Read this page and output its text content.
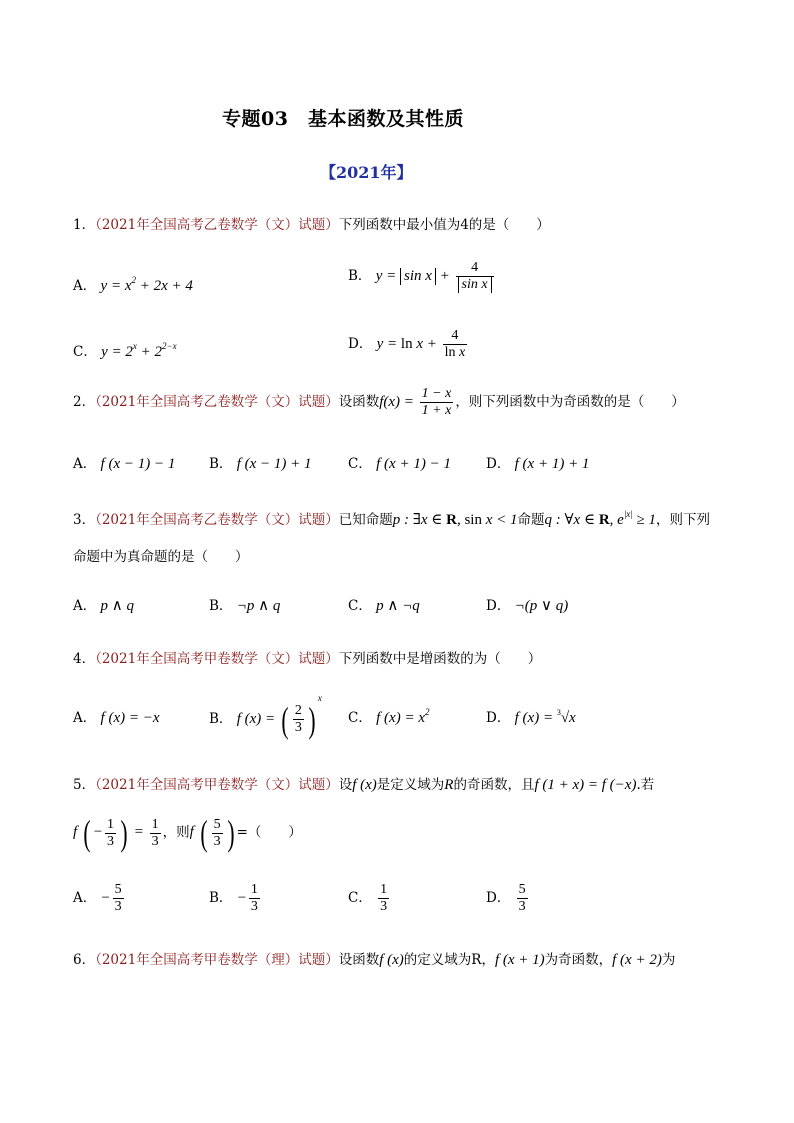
专题03　基本函数及其性质
【2021年】
1．（2021年全国高考乙卷数学（文）试题）下列函数中最小值为4的是（　　）
A． $y = x^2 + 2x + 4$
B． $y = \sin x + \frac{4}{\text{sin x}}$
C． $y = 2^x + 2^{2-x}$	D． $y = \ln x + \frac{4}{\text{ln x}}$
2．（2021年全国高考乙卷数学（文）试题）设函数$f(x) = \frac{1 - x}{1 + x}$ ，则下列函数中为奇函数的是（　　）
A． f (x − 1) − 1 B． f (x − 1) + 1	C． f (x + 1) − 1	D． f (x + 1) + 1
3．（2021年全国高考乙卷数学（文）试题）已知命题p : ∃x ∈ R, sin x < 1命题q : ∀x ∈ R, $e^{|x|} \ge 1$，则下列
命题中为真命题的是（　　）
A． p ∧ q	B． ¬p ∧ q	C． p ∧ ¬q	D． ¬(p ∨ q)
4．（2021年全国高考甲卷数学（文）试题）下列函数中是增函数的为（　　）
A． f (x) = −x	B． f (x) = ( $\frac{2}{3} )^x$
C． f $(x) = x^2$	D． f (x) = $^3$√x
5．（2021年全国高考甲卷数学（文）试题）设f (x)是定义域为R的奇函数，且f (1 + x) = f (−x).若
f ( − $\frac{1}{3}$ ) = $\frac{1}{3}$ ，则f ( $\frac{5}{3}$ ) =（　　）
A． − $\frac{5}{3}$	B． − $\frac{1}{3}$	C． $\frac{1}{3}$	D． $\frac{5}{3}$
6．（2021年全国高考甲卷数学（理）试题）设函数f (x)的定义域为R，f (x + 1)为奇函数，f (x + 2)为
